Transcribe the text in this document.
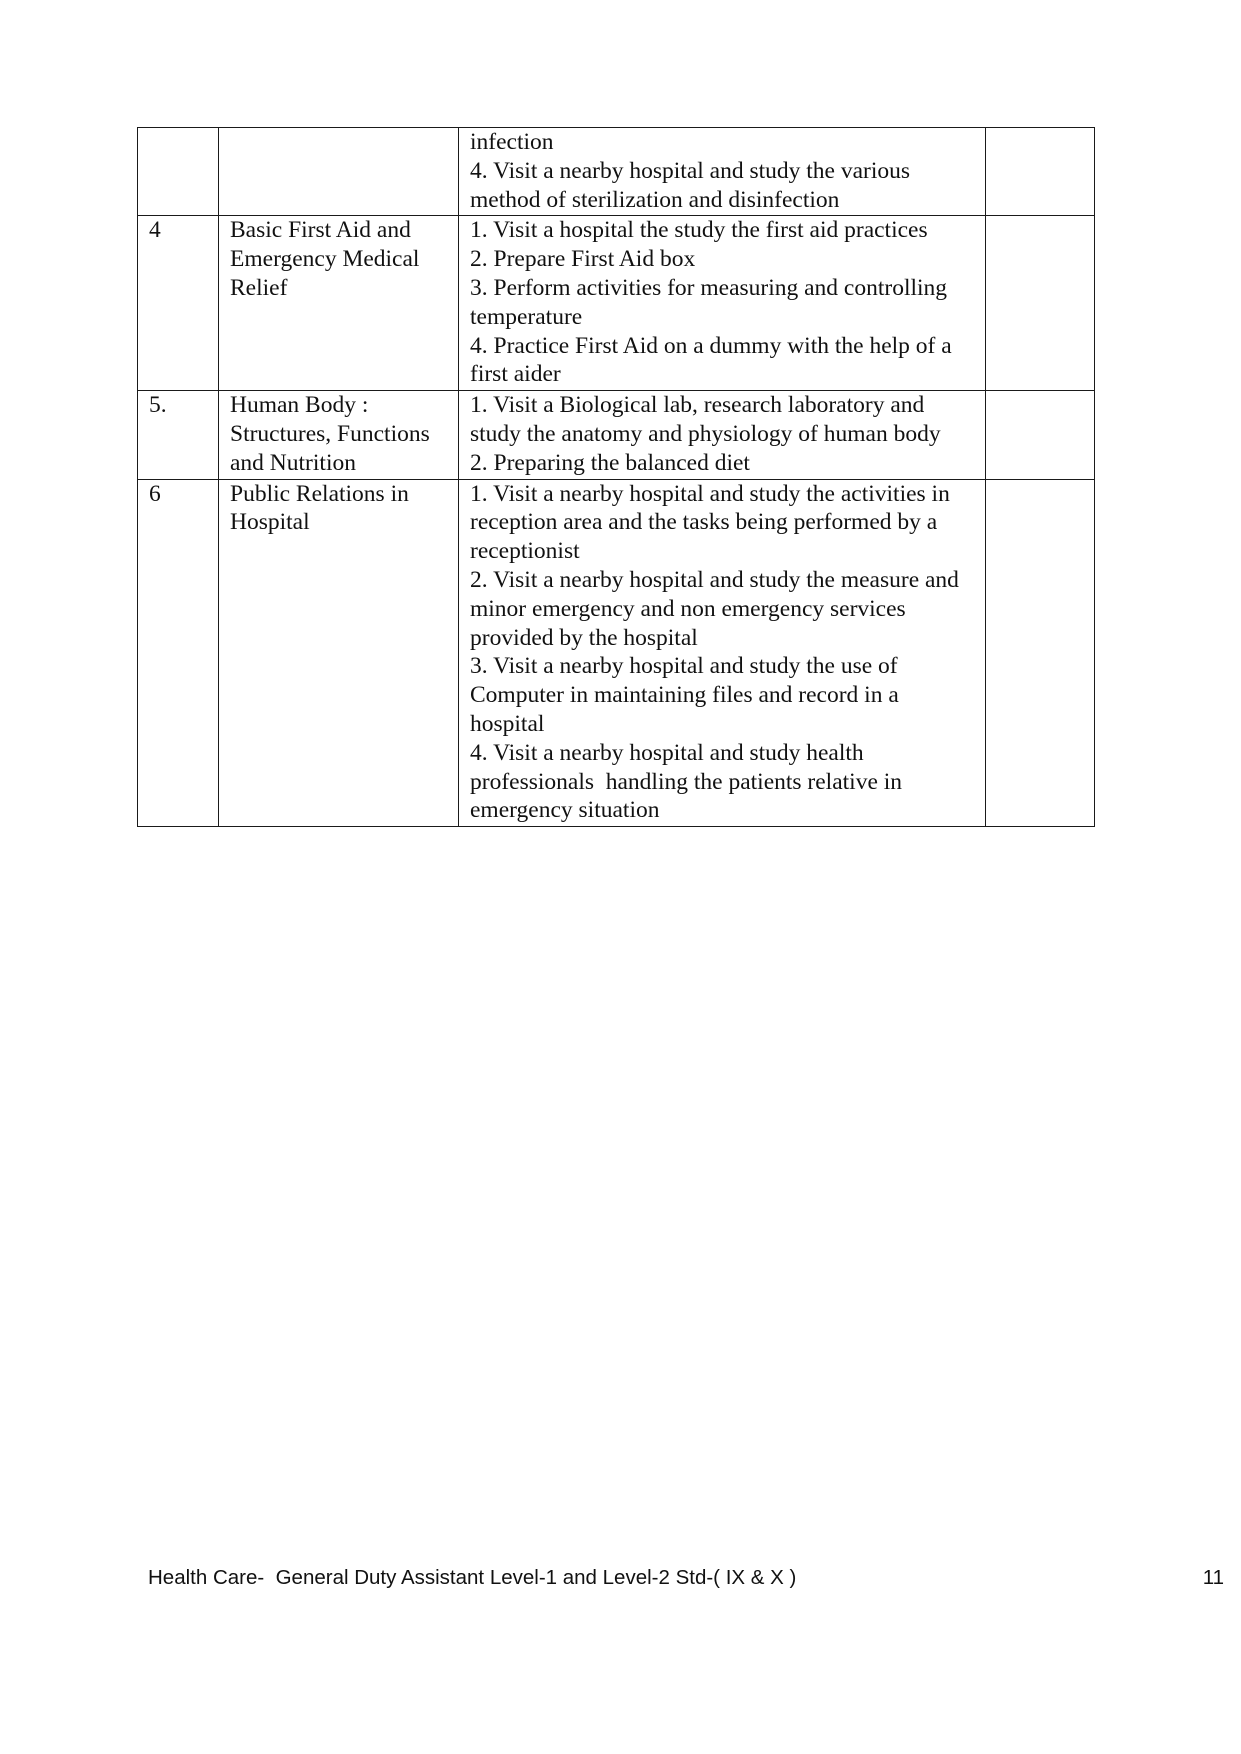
		infection
4. Visit a nearby hospital and study the various method of sterilization and disinfection	

4	Basic First Aid and Emergency Medical Relief	1. Visit a hospital the study the first aid practices
2. Prepare First Aid box
3. Perform activities for measuring and controlling temperature
4. Practice First Aid on a dummy with the help of a first aider	

5.	Human Body : Structures, Functions and Nutrition	1. Visit a Biological lab, research laboratory and study the anatomy and physiology of human body
2. Preparing the balanced diet	

6	Public Relations in Hospital	1. Visit a nearby hospital and study the activities in reception area and the tasks being performed by a receptionist
2. Visit a nearby hospital and study the measure and minor emergency and non emergency services provided by the hospital
3. Visit a nearby hospital and study the use of Computer in maintaining files and record in a hospital
4. Visit a nearby hospital and study health professionals  handling the patients relative in emergency situation	

Health Care-  General Duty Assistant Level-1 and Level-2 Std-( IX & X )	11
